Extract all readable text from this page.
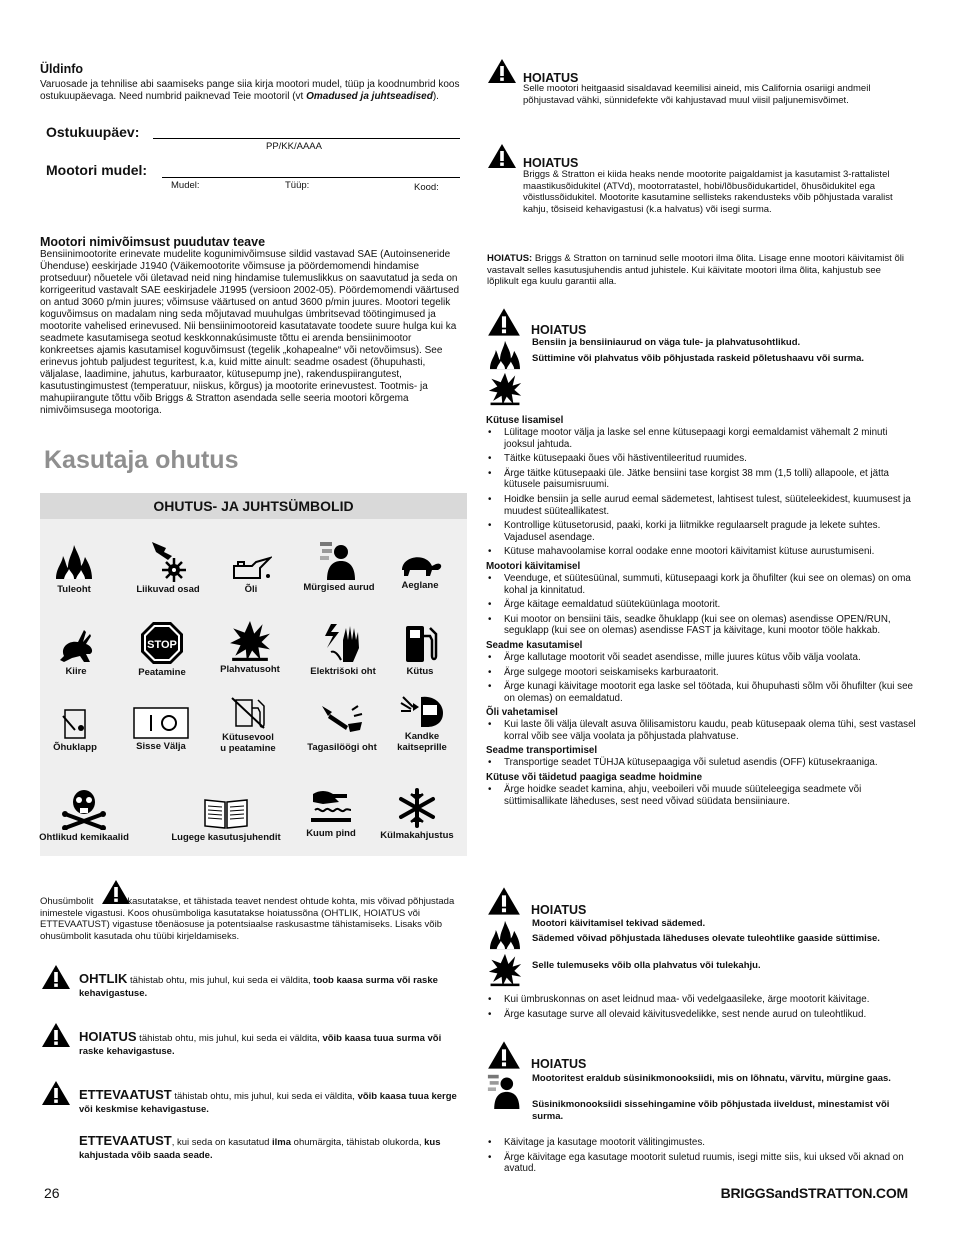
Üldinfo
Varuosade ja tehnilise abi saamiseks pange siia kirja mootori mudel, tüüp ja koodnumbrid koos ostukuupäevaga. Need numbrid paiknevad Teie mootoril (vt Omadused ja juhtseadised).
Ostukuupäev:
PP/KK/AAAA
Mootori mudel:
Mudel:	Tüüp:	Kood:
Mootori nimivõimsust puudutav teave
Bensiinimootorite erinevate mudelite kogunimivõimsuse sildid vastavad SAE (Autoinseneride Ühenduse) eeskirjade J1940 (Väikemootorite võimsuse ja pöördemomendi hindamise protseduur) nõuetele või ületavad neid ning hindamise tulemuslikkus on saavutatud ja seda on korrigeeritud vastavalt SAE eeskirjadele J1995 (versioon 2002-05). Pöördemomendi väärtused on antud 3060 p/min juures; võimsuse väärtused on antud 3600 p/min juures. Mootori tegelik koguvõimsus on madalam ning seda mõjutavad muuhulgas ümbritsevad töötingimused ja mootorite vahelised erinevused. Nii bensiinimootoreid kasutatavate toodete suure hulga kui ka seadmete kasutamisega seotud keskkonnakúsimuste tõttu ei arenda bensiinimootor konkreetses ajamis kasutamisel koguvõimsust (tegelik „kohapealne“ või netovõimsus). See erinevus johtub paljudest teguritest, k.a, kuid mitte ainult: seadme osadest (õhupuhasti, väljalase, laadimine, jahutus, karburaator, kütusepump jne), rakenduspiirangutest, kasutustingimustest (temperatuur, niiskus, kõrgus) ja mootorite erinevustest. Tootmis- ja mahupiirangute tõttu võib Briggs & Stratton asendada selle seeria mootori kõrgema nimivõimsusega mootoriga.
Kasutaja ohutus
OHUTUS- JA JUHTSÜMBOLID
Tuleoht	Liikuvad osad	Õli	Mürgised aurud	Aeglane
Kiire
STOP
Peatamine	Plahvatusoht	Elektrišoki oht	Kütus
Õhuklapp	Sisse Välja
Kütusevool
u peatamine	Tagasilöögi oht
Kandke
kaitseprille
Ohtlikud kemikaalid	Lugege kasutusjuhendit	Kuum pind	Külmakahjustus
Ohusümbolit	kasutatakse, et tähistada teavet nendest ohtude kohta, mis võivad põhjustada inimestele vigastusi. Koos ohusümboliga kasutatakse hoiatussõna (OHTLIK, HOIATUS või ETTEVAATUST) vigastuse tõenäosuse ja potentsiaalse raskusastme tähistamiseks. Lisaks võib ohusümbolit kasutada ohu tüübi kirjeldamiseks.
OHTLIK tähistab ohtu, mis juhul, kui seda ei väldita, toob kaasa surma või raske kehavigastuse.
HOIATUS tähistab ohtu, mis juhul, kui seda ei väldita, võib kaasa tuua surma või raske kehavigastuse.
ETTEVAATUST tähistab ohtu, mis juhul, kui seda ei väldita, võib kaasa tuua kerge või keskmise kehavigastuse.
ETTEVAATUST, kui seda on kasutatud ilma ohumärgita, tähistab olukorda, kus kahjustada võib saada seade.
HOIATUS
Selle mootori heitgaasid sisaldavad keemilisi aineid, mis California osariigi andmeil põhjustavad vähki, sünnidefekte või kahjustavad muul viisil paljunemisvõimet.
HOIATUS
Briggs & Stratton ei kiida heaks nende mootorite paigaldamist ja kasutamist 3-rattalistel maastikusõidukitel (ATVd), mootorratastel, hobi/lõbusõidukartidel, õhusõidukitel ega võistlussõidukitel. Mootorite kasutamine sellisteks rakendusteks võib põhjustada varalist kahju, tõsiseid kehavigastusi (k.a halvatus) või isegi surma.
HOIATUS: Briggs & Stratton on tarninud selle mootori ilma õlita. Lisage enne mootori käivitamist õli vastavalt selles kasutusjuhendis antud juhistele. Kui käivitate mootori ilma õlita, kahjustub see lõplikult ega kuulu garantii alla.
HOIATUS
Bensiin ja bensiiniaurud on väga tule- ja plahvatusohtlikud.
Süttimine või plahvatus võib põhjustada raskeid põletushaavu või surma.
Kütuse lisamisel
• Lülitage mootor välja ja laske sel enne kütusepaagi korgi eemaldamist vähemalt 2 minuti jooksul jahtuda.
• Täitke kütusepaaki õues või hästiventileeritud ruumides.
• Ärge täitke kütusepaaki üle. Jätke bensiini tase korgist 38 mm (1,5 tolli) allapoole, et jätta kütusele paisumisruumi.
• Hoidke bensiin ja selle aurud eemal sädemetest, lahtisest tulest, süüteleekidest, kuumusest ja muudest süüteallikatest.
• Kontrollige kütusetorusid, paaki, korki ja liitmikke regulaarselt pragude ja lekete suhtes. Vajadusel asendage.
• Kütuse mahavoolamise korral oodake enne mootori käivitamist kütuse aurustumiseni.
Mootori käivitamisel
• Veenduge, et süütesüünal, summuti, kütusepaagi kork ja õhufilter (kui see on olemas) on oma kohal ja kinnitatud.
• Ärge käitage eemaldatud süüteküünlaga mootorit.
• Kui mootor on bensiini täis, seadke õhuklapp (kui see on olemas) asendisse OPEN/RUN, seguklapp (kui see on olemas) asendisse FAST ja käivitage, kuni mootor tööle hakkab.
Seadme kasutamisel
• Ärge kallutage mootorit või seadet asendisse, mille juures kütus võib välja voolata.
• Ärge sulgege mootori seiskamiseks karburaatorit.
• Ärge kunagi käivitage mootorit ega laske sel töötada, kui õhupuhasti sõlm või õhufilter (kui see on olemas) on eemaldatud.
Õli vahetamisel
• Kui laste õli välja ülevalt asuva õlilisamistoru kaudu, peab kütusepaak olema tühi, sest vastasel korral võib see välja voolata ja põhjustada plahvatuse.
Seadme transportimisel
• Transportige seadet TÜHJA kütusepaagiga või suletud asendis (OFF) kütusekraaniga.
Kütuse või täidetud paagiga seadme hoidmine
• Ärge hoidke seadet kamina, ahju, veeboileri või muude süüteleegiga seadmete või süttimisallikate läheduses, sest need võivad süüdata bensiiniaure.
HOIATUS
Mootori käivitamisel tekivad sädemed.
Sädemed võivad põhjustada läheduses olevate tuleohtlike gaaside süttimise.
Selle tulemuseks võib olla plahvatus või tulekahju.
• Kui ümbruskonnas on aset leidnud maa- või vedelgaasileke, ärge mootorit käivitage.
• Ärge kasutage surve all olevaid käivitusvedelikke, sest nende aurud on tuleohtlikud.
HOIATUS
Mootoritest eraldub süsinikmonooksiidi, mis on lõhnatu, värvitu, mürgine gaas.
Süsinikmonooksiidi sissehingamine võib põhjustada iiveldust, minestamist või surma.
• Käivitage ja kasutage mootorit välitingimustes.
• Ärge käivitage ega kasutage mootorit suletud ruumis, isegi mitte siis, kui uksed või aknad on avatud.
26	BRIGGSandSTRATTON.COM
